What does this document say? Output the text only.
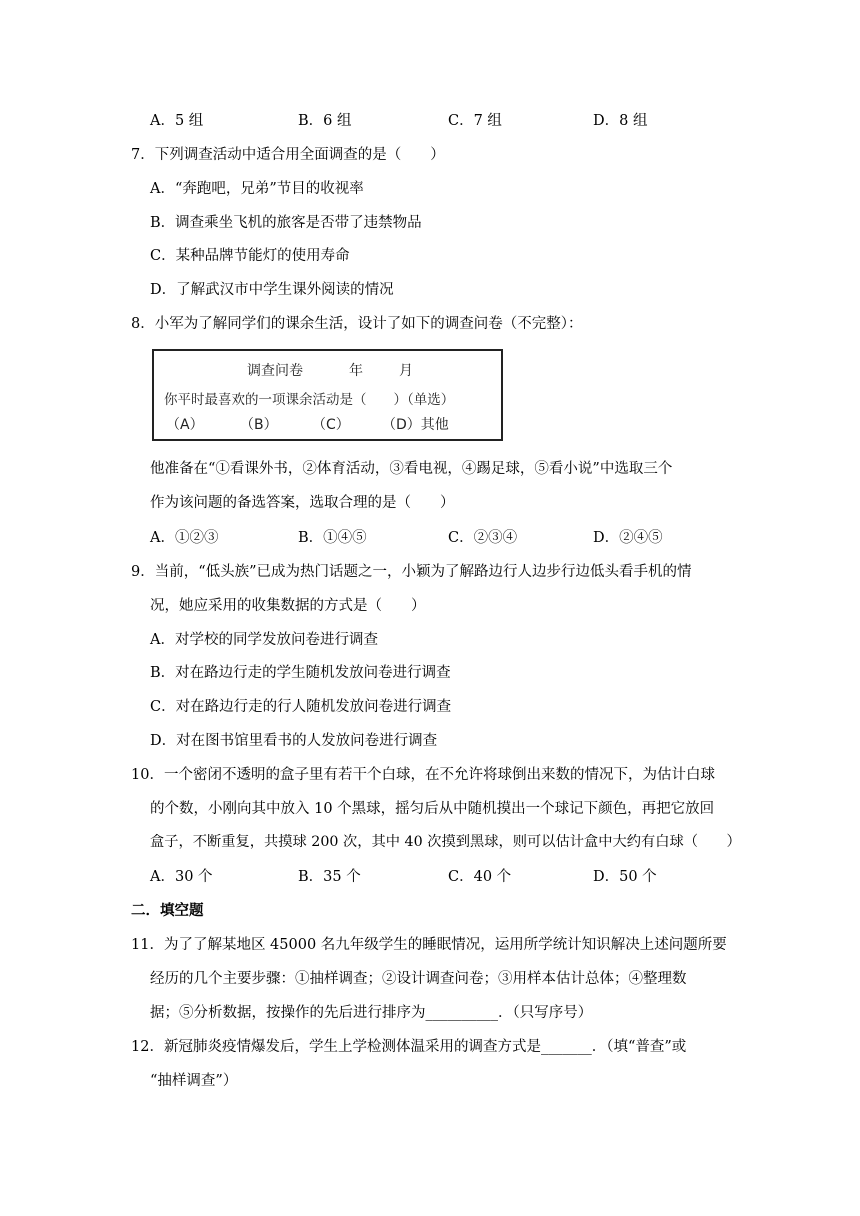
A．5 组	B．6 组	C．7 组	D．8 组
7．下列调查活动中适合用全面调查的是（　　）
A．“奔跑吧，兄弟”节目的收视率
B．调查乘坐飞机的旅客是否带了违禁物品
C．某种品牌节能灯的使用寿命
D．了解武汉市中学生课外阅读的情况
8．小军为了解同学们的课余生活，设计了如下的调查问卷（不完整）：
调查问卷	年	月
你平时最喜欢的一项课余活动是（　　）（单选）
（A）	（B） （C） （D）其他
他准备在“①看课外书，②体育活动，③看电视，④踢足球，⑤看小说”中选取三个
作为该问题的备选答案，选取合理的是（　　）
A．①②③	B．①④⑤	C．②③④	D．②④⑤
9．当前，“低头族”已成为热门话题之一，小颖为了解路边行人边步行边低头看手机的情
况，她应采用的收集数据的方式是（　　）
A．对学校的同学发放问卷进行调查
B．对在路边行走的学生随机发放问卷进行调查
C．对在路边行走的行人随机发放问卷进行调查
D．对在图书馆里看书的人发放问卷进行调查
10．一个密闭不透明的盒子里有若干个白球，在不允许将球倒出来数的情况下，为估计白球
的个数，小刚向其中放入 10 个黑球，摇匀后从中随机摸出一个球记下颜色，再把它放回
盒子，不断重复，共摸球 200 次，其中 40 次摸到黑球，则可以估计盒中大约有白球（　　）
A．30 个	B．35 个	C．40 个	D．50 个
二．填空题
11．为了了解某地区 45000 名九年级学生的睡眠情况，运用所学统计知识解决上述问题所要
经历的几个主要步骤：①抽样调查；②设计调查问卷；③用样本估计总体；④整理数
据；⑤分析数据，按操作的先后进行排序为__________．（只写序号）
12．新冠肺炎疫情爆发后，学生上学检测体温采用的调查方式是_______．（填“普查”或
“抽样调查”）
